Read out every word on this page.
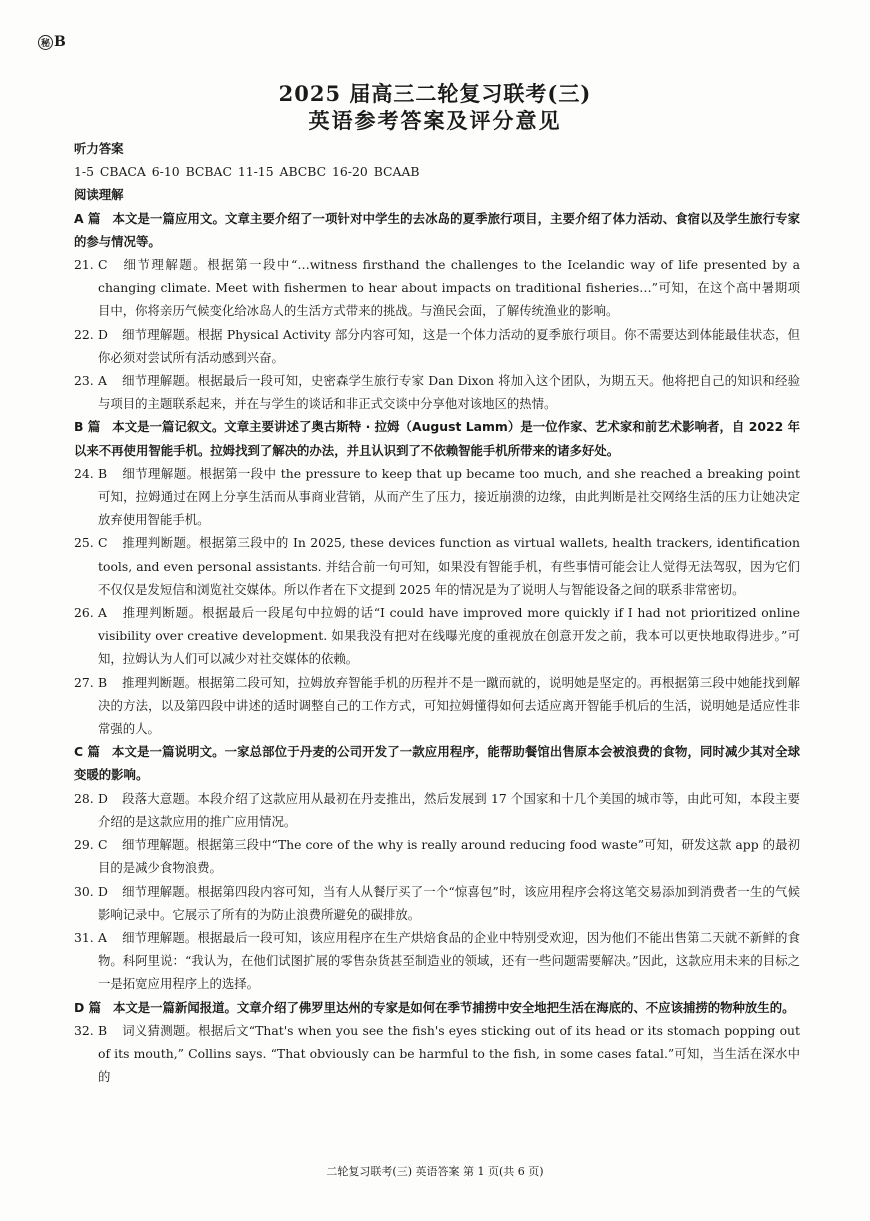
秘 B
2025 届高三二轮复习联考(三)
英语参考答案及评分意见
听力答案
1-5 CBACA 6-10 BCBAC 11-15 ABCBC 16-20 BCAAB
阅读理解
A 篇 本文是一篇应用文。文章主要介绍了一项针对中学生的去冰岛的夏季旅行项目，主要介绍了体力活动、食宿以及学生旅行专家的参与情况等。
21. C 细节理解题。根据第一段中“…witness firsthand the challenges to the Icelandic way of life presented by a changing climate. Meet with fishermen to hear about impacts on traditional fisheries…”可知，在这个高中暑期项目中，你将亲历气候变化给冰岛人的生活方式带来的挑战。与渔民会面，了解传统渔业的影响。
22. D 细节理解题。根据 Physical Activity 部分内容可知，这是一个体力活动的夏季旅行项目。你不需要达到体能最佳状态，但你必须对尝试所有活动感到兴奋。
23. A 细节理解题。根据最后一段可知，史密森学生旅行专家 Dan Dixon 将加入这个团队，为期五天。他将把自己的知识和经验与项目的主题联系起来，并在与学生的谈话和非正式交谈中分享他对该地区的热情。
B 篇 本文是一篇记叙文。文章主要讲述了奥古斯特 · 拉姆（August Lamm）是一位作家、艺术家和前艺术影响者，自 2022 年以来不再使用智能手机。拉姆找到了解决的办法，并且认识到了不依赖智能手机所带来的诸多好处。
24. B 细节理解题。根据第一段中 the pressure to keep that up became too much, and she reached a breaking point 可知，拉姆通过在网上分享生活而从事商业营销，从而产生了压力，接近崩溃的边缘，由此判断是社交网络生活的压力让她决定放弃使用智能手机。
25. C 推理判断题。根据第三段中的 In 2025, these devices function as virtual wallets, health trackers, identification tools, and even personal assistants. 并结合前一句可知，如果没有智能手机，有些事情可能会让人觉得无法驾驭，因为它们不仅仅是发短信和浏览社交媒体。所以作者在下文提到 2025 年的情况是为了说明人与智能设备之间的联系非常密切。
26. A 推理判断题。根据最后一段尾句中拉姆的话“I could have improved more quickly if I had not prioritized online visibility over creative development. 如果我没有把对在线曝光度的重视放在创意开发之前，我本可以更快地取得进步。”可知，拉姆认为人们可以减少对社交媒体的依赖。
27. B 推理判断题。根据第二段可知，拉姆放弃智能手机的历程并不是一蹴而就的，说明她是坚定的。再根据第三段中她能找到解决的方法，以及第四段中讲述的适时调整自己的工作方式，可知拉姆懂得如何去适应离开智能手机后的生活，说明她是适应性非常强的人。
C 篇 本文是一篇说明文。一家总部位于丹麦的公司开发了一款应用程序，能帮助餐馆出售原本会被浪费的食物，同时减少其对全球变暖的影响。
28. D 段落大意题。本段介绍了这款应用从最初在丹麦推出，然后发展到 17 个国家和十几个美国的城市等，由此可知，本段主要介绍的是这款应用的推广应用情况。
29. C 细节理解题。根据第三段中“The core of the why is really around reducing food waste”可知，研发这款 app 的最初目的是减少食物浪费。
30. D 细节理解题。根据第四段内容可知，当有人从餐厅买了一个“惊喜包”时，该应用程序会将这笔交易添加到消费者一生的气候影响记录中。它展示了所有的为防止浪费所避免的碳排放。
31. A 细节理解题。根据最后一段可知，该应用程序在生产烘焙食品的企业中特别受欢迎，因为他们不能出售第二天就不新鲜的食物。科阿里说：“我认为，在他们试图扩展的零售杂货甚至制造业的领域，还有一些问题需要解决。”因此，这款应用未来的目标之一是拓宽应用程序上的选择。
D 篇 本文是一篇新闻报道。文章介绍了佛罗里达州的专家是如何在季节捕捞中安全地把生活在海底的、不应该捕捞的物种放生的。
32. B 词义猜测题。根据后文“That's when you see the fish's eyes sticking out of its head or its stomach popping out of its mouth,” Collins says. “That obviously can be harmful to the fish, in some cases fatal.”可知，当生活在深水中的
二轮复习联考(三) 英语答案 第 1 页(共 6 页)
